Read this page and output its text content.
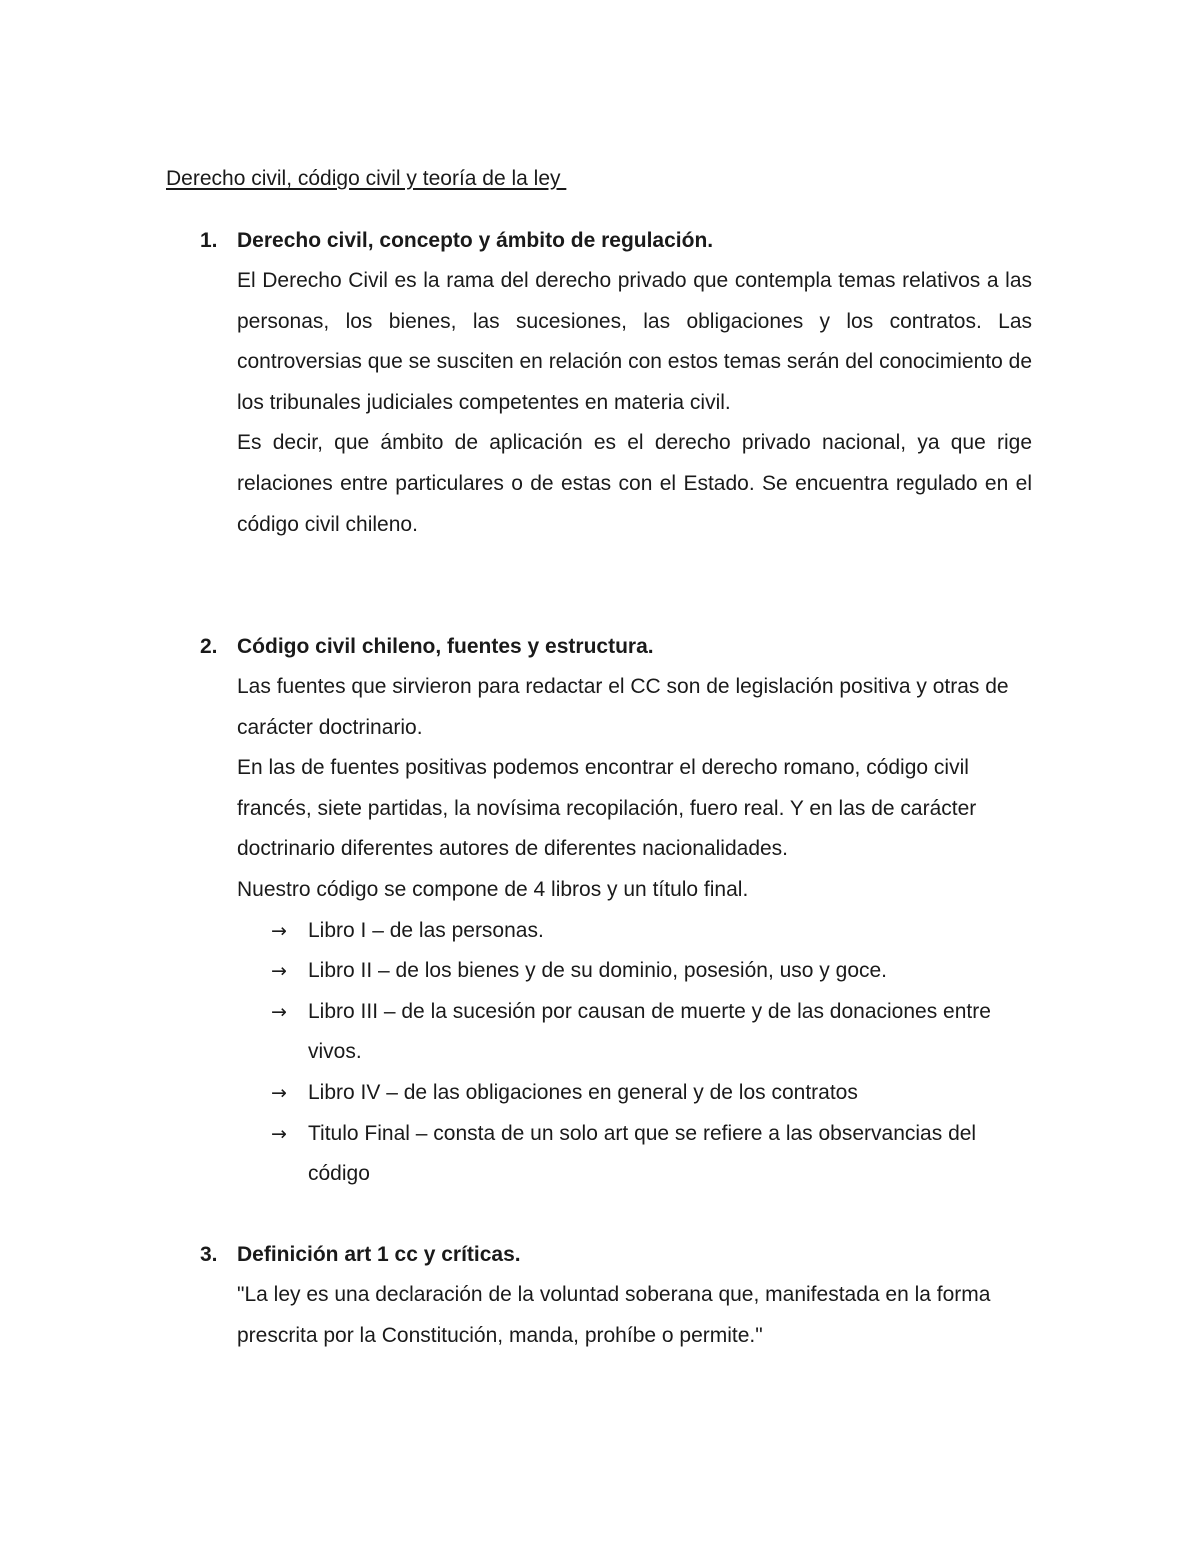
Derecho civil, código civil y teoría de la ley
1. Derecho civil, concepto y ámbito de regulación.

El Derecho Civil es la rama del derecho privado que contempla temas relativos a las personas, los bienes, las sucesiones, las obligaciones y los contratos. Las controversias que se susciten en relación con estos temas serán del conocimiento de los tribunales judiciales competentes en materia civil.

Es decir, que ámbito de aplicación es el derecho privado nacional, ya que rige relaciones entre particulares o de estas con el Estado. Se encuentra regulado en el código civil chileno.

2. Código civil chileno, fuentes y estructura.

Las fuentes que sirvieron para redactar el CC son de legislación positiva y otras de carácter doctrinario.

En las de fuentes positivas podemos encontrar el derecho romano, código civil francés, siete partidas, la novísima recopilación, fuero real. Y en las de carácter doctrinario diferentes autores de diferentes nacionalidades.

Nuestro código se compone de 4 libros y un título final.

→ Libro I – de las personas.
→ Libro II – de los bienes y de su dominio, posesión, uso y goce.
→ Libro III – de la sucesión por causan de muerte y de las donaciones entre vivos.
→ Libro IV – de las obligaciones en general y de los contratos
→ Titulo Final – consta de un solo art que se refiere a las observancias del código
3. Definición art 1 cc y críticas.

"La ley es una declaración de la voluntad soberana que, manifestada en la forma prescrita por la Constitución, manda, prohíbe o permite."
